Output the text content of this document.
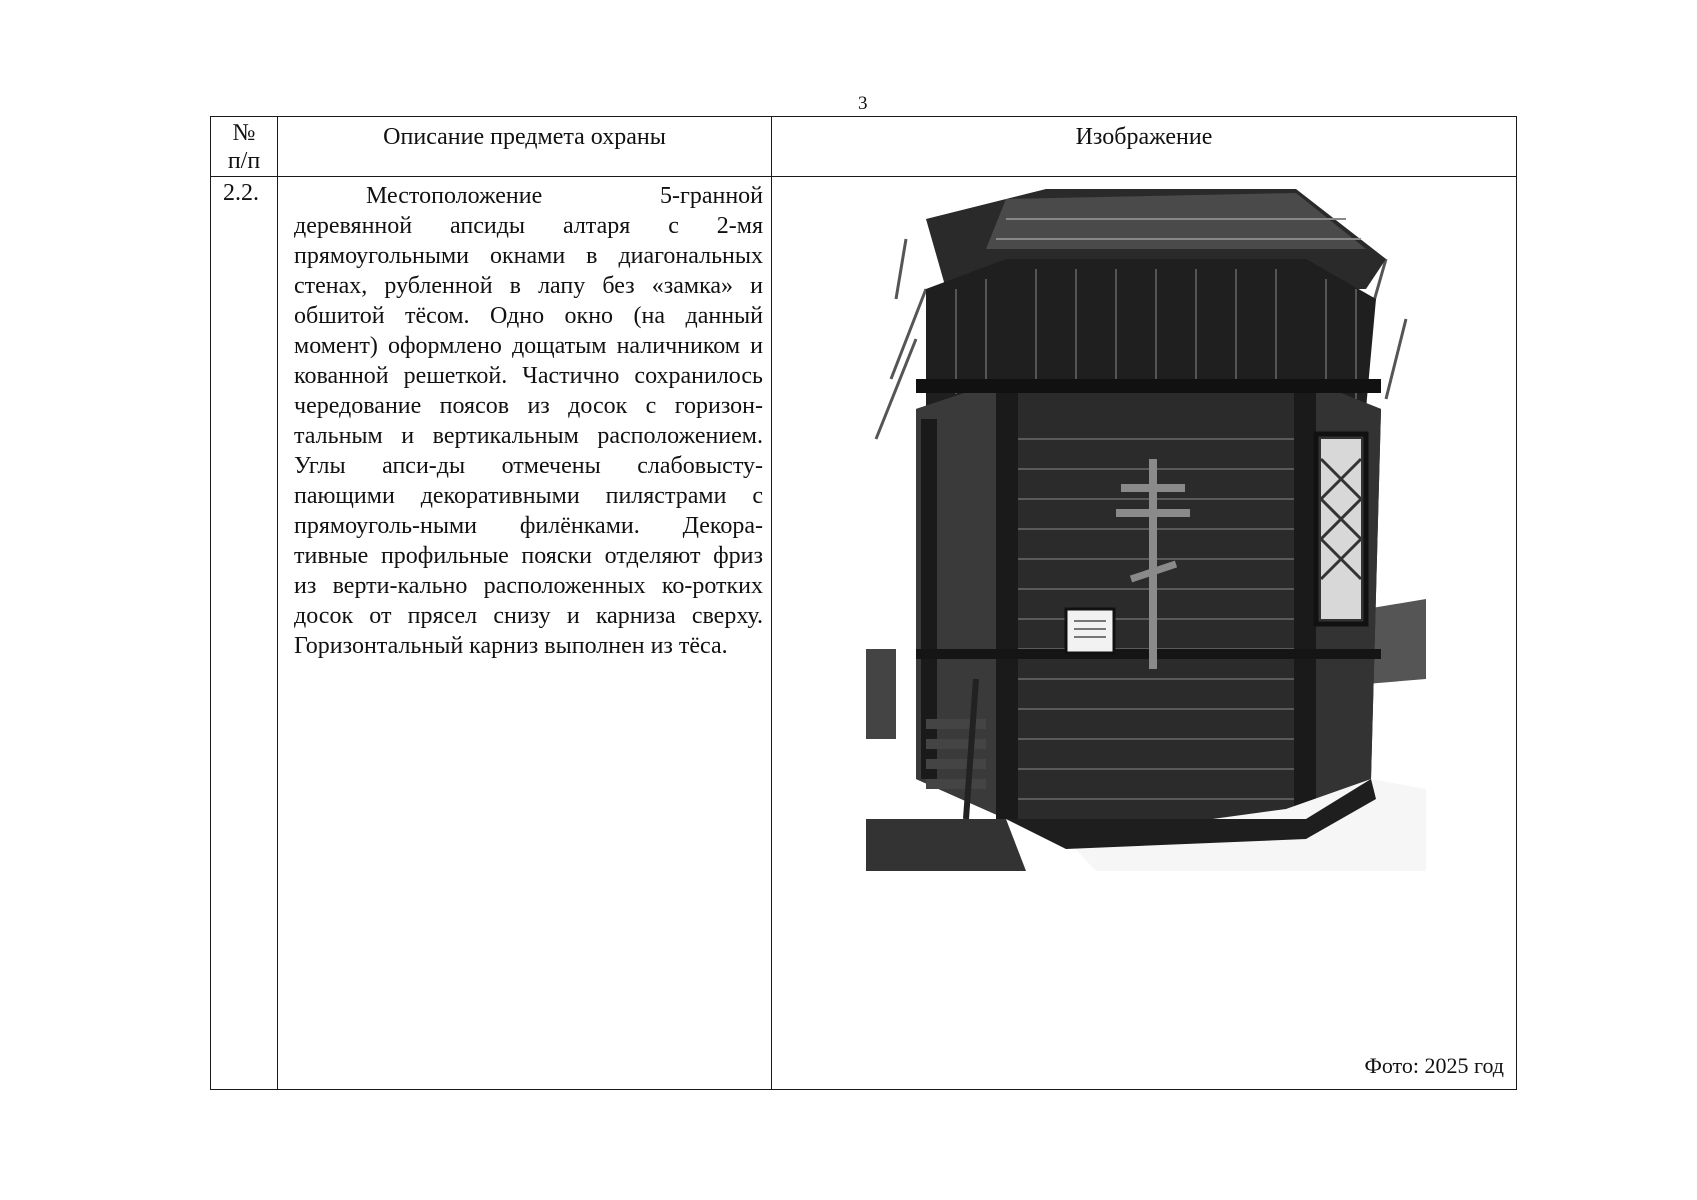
3
№
п/п	Описание предмета охраны	Изображение
2.2.	Местоположение 5-гранной деревянной апсиды алтаря с 2-мя прямоугольными окнами в диагональных стенах, рубленной в лапу без «замка» и обшитой тёсом. Одно окно (на данный момент) оформлено дощатым наличником и кованной решеткой. Частично сохранилось чередование поясов из досок с горизон-тальным и вертикальным расположением. Углы апси-ды отмечены слабовысту-пающими декоративными пилястрами с прямоуголь-ными филёнками. Декора-тивные профильные пояски отделяют фриз из верти-кально расположенных ко-ротких досок от прясел снизу и карниза сверху. Горизонтальный карниз выполнен из тёса.	Фото: 2025 год
